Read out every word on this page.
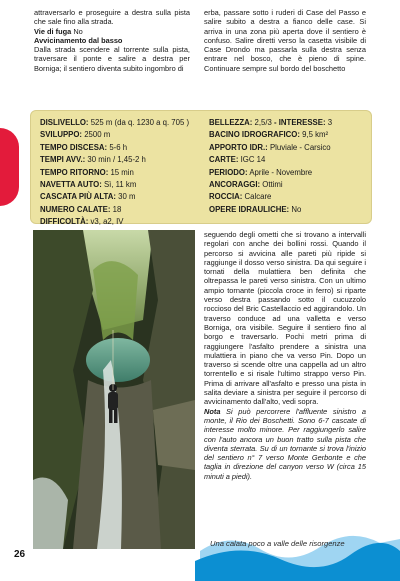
attraversarlo e proseguire a destra sulla pista che sale fino alla strada.

Vie di fuga No

Avvicinamento dal basso

Dalla strada scendere al torrente sulla pista, traversare il ponte e salire a destra per Borniga; il sentiero diventa subito ingombro di

erba, passare sotto i ruderi di Case del Passo e salire subito a destra a fianco delle case. Si arriva in una zona più aperta dove il sentiero è confuso. Salire diretti verso la casetta visibile di Case Drondo ma passarla sulla destra senza entrare nel bosco, che è pieno di spine. Continuare sempre sul bordo del boschetto

DISLIVELLO: 525 m (da q. 1230 a q. 705 )
SVILUPPO: 2500 m
TEMPO DISCESA: 5-6 h
TEMPI AVV.: 30 min / 1,45-2 h
TEMPO RITORNO: 15 min
NAVETTA AUTO: Sì, 11 km
CASCATA PIÙ ALTA: 30 m
NUMERO CALATE: 18
DIFFICOLTÀ: v3, a2, IV
BELLEZZA: 2,5/3 - INTERESSE: 3
BACINO IDROGRAFICO: 9,5 km²
APPORTO IDR.: Pluviale - Carsico
CARTE: IGC 14
PERIODO: Aprile - Novembre
ANCORAGGI: Ottimi
ROCCIA: Calcare
OPERE IDRAULICHE: No

seguendo degli ometti che si trovano a intervalli regolari con anche dei bollini rossi. Quando il percorso si avvicina alle pareti più ripide si raggiunge il dosso verso sinistra. Da qui seguire i tornati della mulattiera ben definita che oltrepassa le pareti verso sinistra. Con un ultimo ampio tornante (piccola croce in ferro) si riparte verso destra passando sotto il cucuzzolo roccioso del Bric Castellaccio ed aggirandolo. Un traverso conduce ad una valletta e verso Borniga, ora visibile. Seguire il sentiero fino al borgo e traversarlo. Pochi metri prima di raggiungere l'asfalto prendere a sinistra una mulattiera in piano che va verso Pin. Dopo un traverso si scende oltre una cappella ad un altro torrentello e si risale l'ultimo strappo verso Pin. Prima di arrivare all'asfalto e presso una pista in salita deviare a sinistra per seguire il percorso di avvicinamento dall'alto, vedi sopra.

Nota Si può percorrere l'affluente sinistro a monte, il Rio dei Boschetti. Sono 6-7 cascate di interesse molto minore. Per raggiungerlo salire con l'auto ancora un buon tratto sulla pista che diventa sterrata. Su di un tornante si trova l'inizio del sentiero n° 7 verso Monte Gerbonte e che taglia in direzione del canyon verso W (circa 15 minuti a piedi).

Una calata poco a valle delle risorgenze
26
